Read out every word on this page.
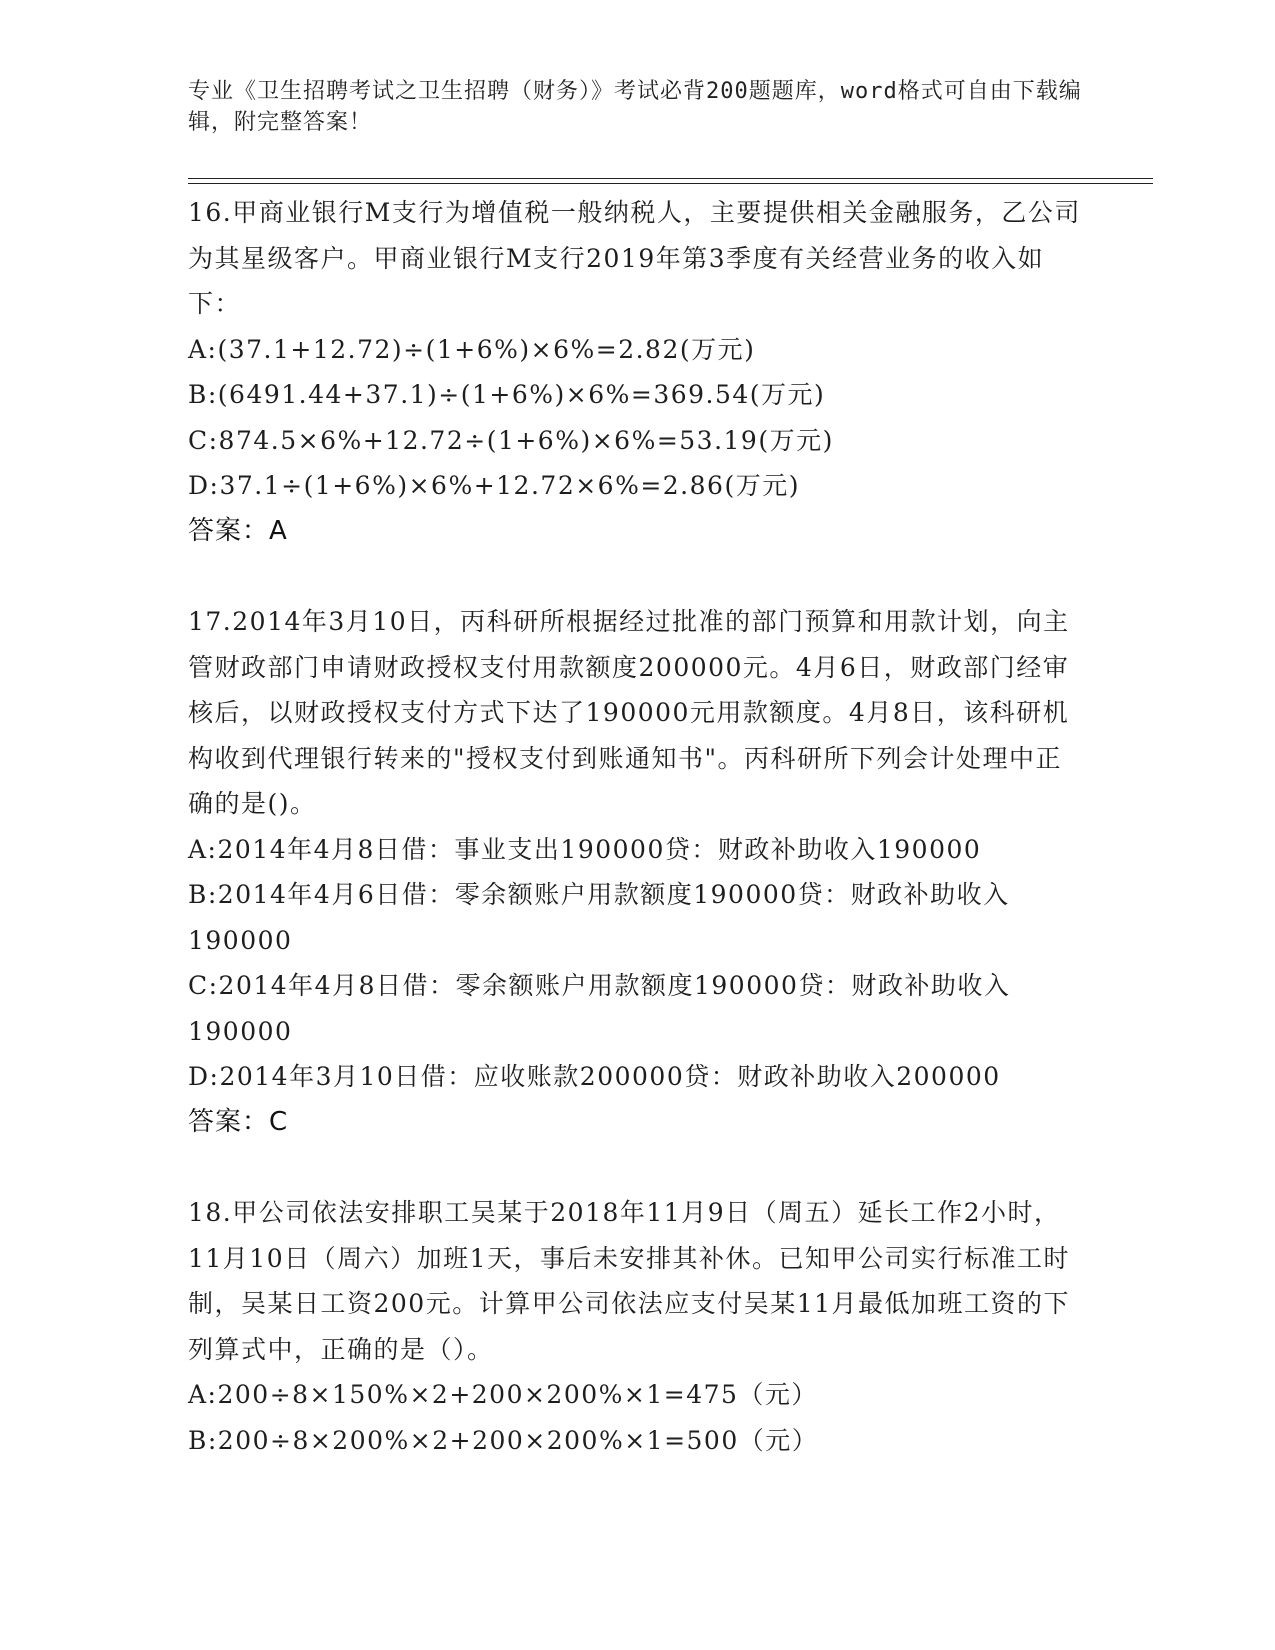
专业《卫生招聘考试之卫生招聘（财务）》考试必背200题题库，word格式可自由下载编辑，附完整答案！

16.甲商业银行M支行为增值税一般纳税人，主要提供相关金融服务，乙公司为其星级客户。甲商业银行M支行2019年第3季度有关经营业务的收入如下：

A:(37.1+12.72)÷(1+6%)×6%=2.82(万元)

B:(6491.44+37.1)÷(1+6%)×6%=369.54(万元)

C:874.5×6%+12.72÷(1+6%)×6%=53.19(万元)

D:37.1÷(1+6%)×6%+12.72×6%=2.86(万元)

答案：A

17.2014年3月10日，丙科研所根据经过批准的部门预算和用款计划，向主管财政部门申请财政授权支付用款额度200000元。4月6日，财政部门经审核后，以财政授权支付方式下达了190000元用款额度。4月8日，该科研机构收到代理银行转来的"授权支付到账通知书"。丙科研所下列会计处理中正确的是()。

A:2014年4月8日借：事业支出190000贷：财政补助收入190000

B:2014年4月6日借：零余额账户用款额度190000贷：财政补助收入190000

C:2014年4月8日借：零余额账户用款额度190000贷：财政补助收入190000

D:2014年3月10日借：应收账款200000贷：财政补助收入200000

答案：C

18.甲公司依法安排职工吴某于2018年11月9日（周五）延长工作2小时，11月10日（周六）加班1天，事后未安排其补休。已知甲公司实行标准工时制，吴某日工资200元。计算甲公司依法应支付吴某11月最低加班工资的下列算式中，正确的是（）。

A:200÷8×150%×2+200×200%×1=475（元）

B:200÷8×200%×2+200×200%×1=500（元）
